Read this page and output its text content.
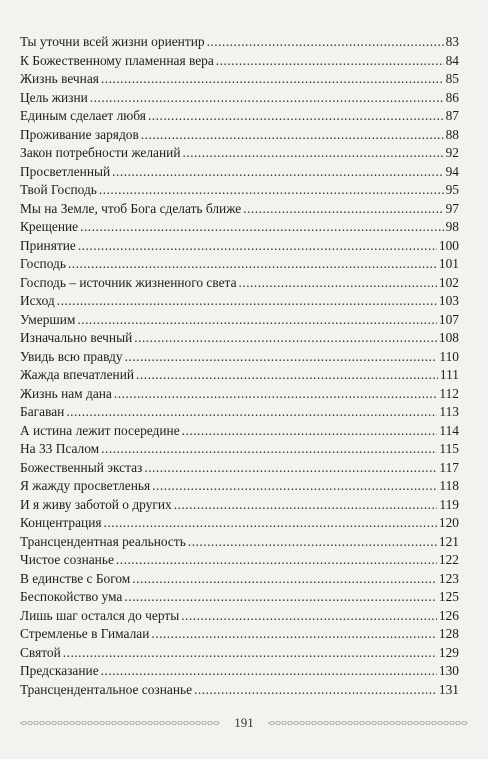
Ты уточни всей жизни ориентир .....	83
К Божественному пламенная вера .....	84
Жизнь вечная .....	85
Цель жизни .....	86
Единым сделает любя .....	87
Проживание зарядов .....	88
Закон потребности желаний .....	92
Просветленный .....	94
Твой Господь .....	95
Мы на Земле, чтоб Бога сделать ближе .....	97
Крещение .....	98
Принятие .....	100
Господь .....	101
Господь – источник жизненного света .....	102
Исход .....	103
Умершим .....	107
Изначально вечный .....	108
Увидь всю правду .....	110
Жажда впечатлений .....	111
Жизнь нам дана .....	112
Багаван .....	113
А истина лежит посередине .....	114
На 33 Псалом .....	115
Божественный экстаз .....	117
Я жажду просветленья .....	118
И я живу заботой о других .....	119
Концентрация .....	120
Трансцендентная реальность .....	121
Чистое сознанье .....	122
В единстве с Богом .....	123
Беспокойство ума .....	125
Лишь шаг остался до черты .....	126
Стремленье в Гималаи .....	128
Святой .....	129
Предсказание .....	130
Трансцендентальное сознанье .....	131
191
